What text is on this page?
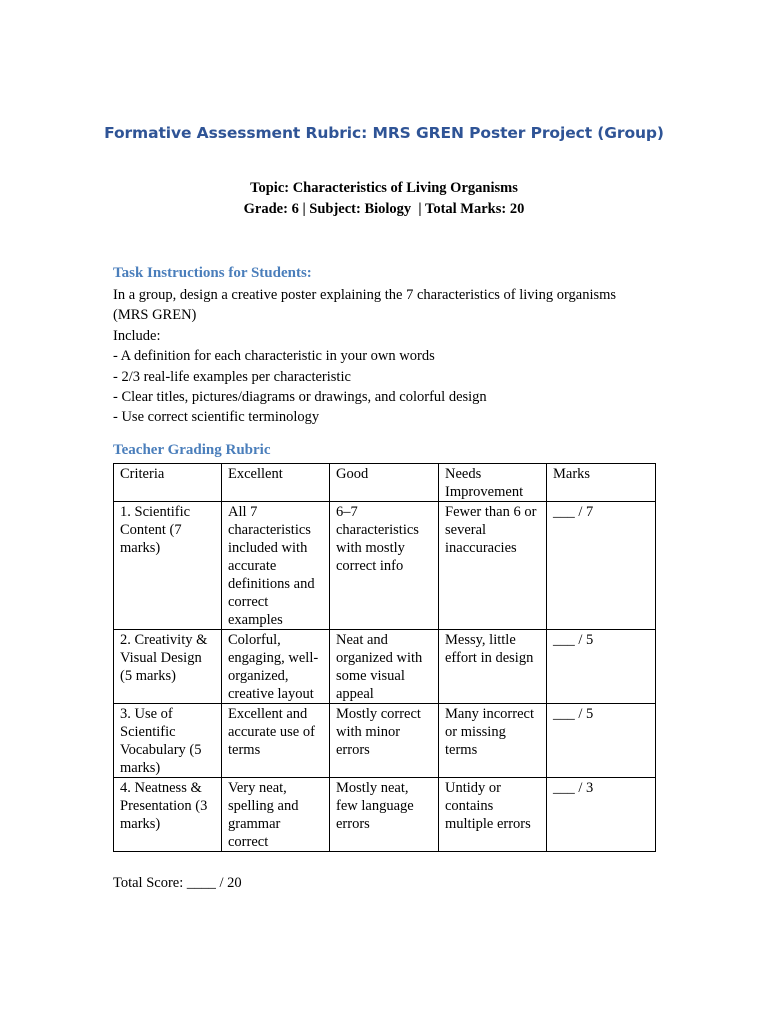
Formative Assessment Rubric: MRS GREN Poster Project (Group)
Topic: Characteristics of Living Organisms
Grade: 6 | Subject: Biology  | Total Marks: 20
Task Instructions for Students:
In a group, design a creative poster explaining the 7 characteristics of living organisms
(MRS GREN)
Include:
- A definition for each characteristic in your own words
- 2/3 real-life examples per characteristic
- Clear titles, pictures/diagrams or drawings, and colorful design
- Use correct scientific terminology
Teacher Grading Rubric
Criteria	Excellent	Good	Needs Improvement	Marks
1. Scientific Content (7 marks)	All 7 characteristics included with accurate definitions and correct examples	6–7 characteristics with mostly correct info	Fewer than 6 or several inaccuracies	___ / 7
2. Creativity & Visual Design (5 marks)	Colorful, engaging, well-organized, creative layout	Neat and organized with some visual appeal	Messy, little effort in design	___ / 5
3. Use of Scientific Vocabulary (5 marks)	Excellent and accurate use of terms	Mostly correct with minor errors	Many incorrect or missing terms	___ / 5
4. Neatness & Presentation (3 marks)	Very neat, spelling and grammar correct	Mostly neat, few language errors	Untidy or contains multiple errors	___ / 3
Total Score: ____ / 20
